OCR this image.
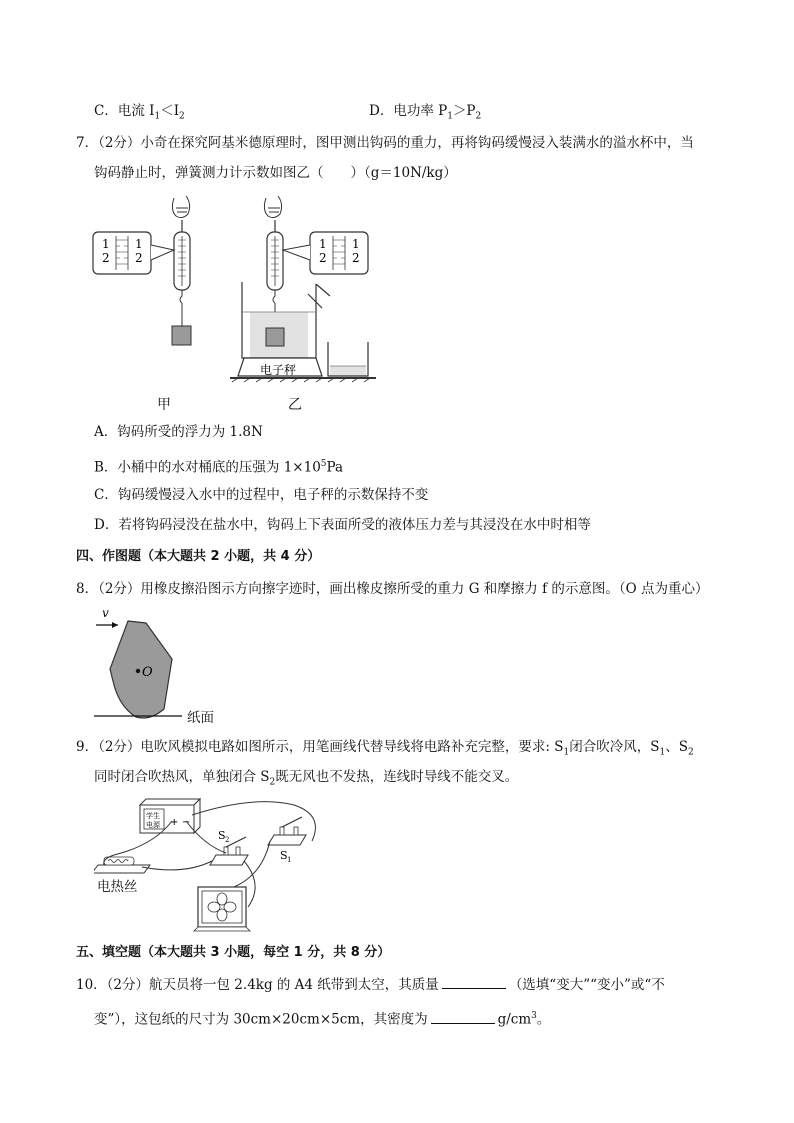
C．电流 $I_1<I_2$	D．电功率 $P_1>P_2$
7．（2分）小奇在探究阿基米德原理时，图甲测出钩码的重力，再将钩码缓慢浸入装满水的溢水杯中，当
钩码静止时，弹簧测力计示数如图乙（　　）（g＝10N/kg）
1
2
1
2
1
2
1
2
电子秤
甲	乙
A．钩码所受的浮力为 1.8N
B．小桶中的水对桶底的压强为 $1\times 10^5Pa$
C．钩码缓慢浸入水中的过程中，电子秤的示数保持不变
D．若将钩码浸没在盐水中，钩码上下表面所受的液体压力差与其浸没在水中时相等
四、作图题（本大题共 2 小题，共 4 分）
8．（2分）用橡皮擦沿图示方向擦字迹时，画出橡皮擦所受的重力 G 和摩擦力 f 的示意图。（O 点为重心）
v
O
纸面
9．（2分）电吹风模拟电路如图所示，用笔画线代替导线将电路补充完整，要求: $S_1$闭合吹冷风，$S_1$、$S_2$
同时闭合吹热风，单独闭合 $S_2$既无风也不发热，连线时导线不能交叉。
学生
电源 + −
S 2
S 1
电热丝
五、填空题（本大题共 3 小题，每空 1 分，共 8 分）
10．（2分）航天员将一包 2.4kg 的 A4 纸带到太空，其质量	（选填“变大”“变小”或“不
变”），这包纸的尺寸为 30cm×20cm×5cm，其密度为	$g/cm^3$。
